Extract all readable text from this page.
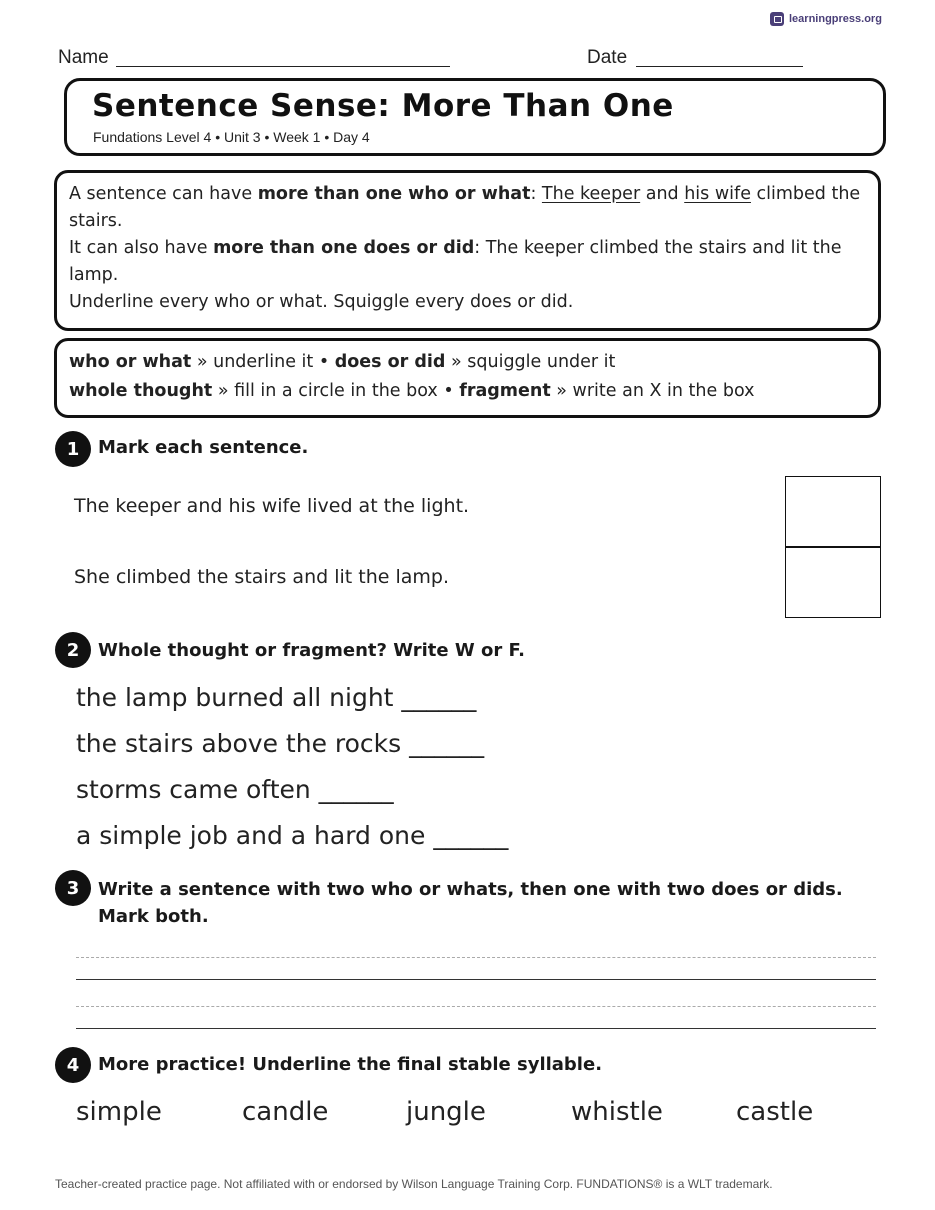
learningpress.org
Name	Date
Sentence Sense: More Than One
Fundations Level 4 • Unit 3 • Week 1 • Day 4
A sentence can have more than one who or what: The keeper and his wife climbed the stairs.
It can also have more than one does or did: The keeper climbed the stairs and lit the lamp.
Underline every who or what. Squiggle every does or did.
who or what » underline it • does or did » squiggle under it
whole thought » fill in a circle in the box • fragment » write an X in the box
1	Mark each sentence.
The keeper and his wife lived at the light.
She climbed the stairs and lit the lamp.
2	Whole thought or fragment? Write W or F.
the lamp burned all night ______
the stairs above the rocks ______
storms came often ______
a simple job and a hard one ______
3	Write a sentence with two who or whats, then one with two does or dids. Mark both.
4	More practice! Underline the final stable syllable.
simple	candle	jungle	whistle	castle
Teacher-created practice page. Not affiliated with or endorsed by Wilson Language Training Corp. FUNDATIONS® is a WLT trademark.
